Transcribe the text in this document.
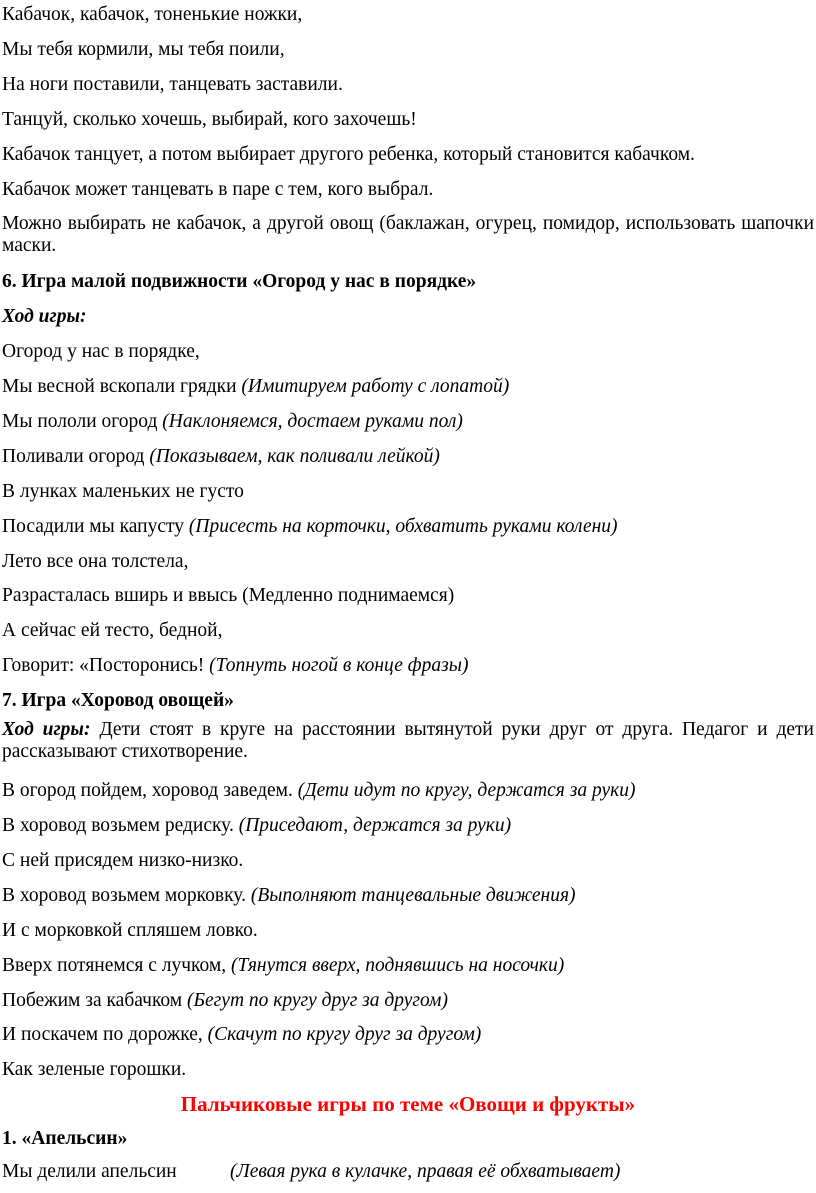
Кабачок, кабачок, тоненькие ножки,
Мы тебя кормили, мы тебя поили,
На ноги поставили, танцевать заставили.
Танцуй, сколько хочешь, выбирай, кого захочешь!
Кабачок танцует, а потом выбирает другого ребенка, который становится кабачком.
Кабачок может танцевать в паре с тем, кого выбрал.
Можно выбирать не кабачок, а другой овощ (баклажан, огурец, помидор, использовать шапочки маски.
6. Игра малой подвижности «Огород у нас в порядке»
Ход игры:
Огород у нас в порядке,
Мы весной вскопали грядки (Имитируем работу с лопатой)
Мы пололи огород (Наклоняемся, достаем руками пол)
Поливали огород (Показываем, как поливали лейкой)
В лунках маленьких не густо
Посадили мы капусту (Присесть на корточки, обхватить руками колени)
Лето все она толстела,
Разрасталась вширь и ввысь (Медленно поднимаемся)
А сейчас ей тесто, бедной,
Говорит: «Посторонись! (Топнуть ногой в конце фразы)
7. Игра «Хоровод овощей»
Ход игры: Дети стоят в круге на расстоянии вытянутой руки друг от друга. Педагог и дети рассказывают стихотворение.
В огород пойдем, хоровод заведем. (Дети идут по кругу, держатся за руки)
В хоровод возьмем редиску. (Приседают, держатся за руки)
С ней присядем низко-низко.
В хоровод возьмем морковку. (Выполняют танцевальные движения)
И с морковкой спляшем ловко.
Вверх потянемся с лучком, (Тянутся вверх, поднявшись на носочки)
Побежим за кабачком (Бегут по кругу друг за другом)
И поскачем по дорожке, (Скачут по кругу друг за другом)
Как зеленые горошки.
Пальчиковые игры по теме «Овощи и фрукты»
1. «Апельсин»
Мы делили апельсин	(Левая рука в кулачке, правая её обхватывает)
